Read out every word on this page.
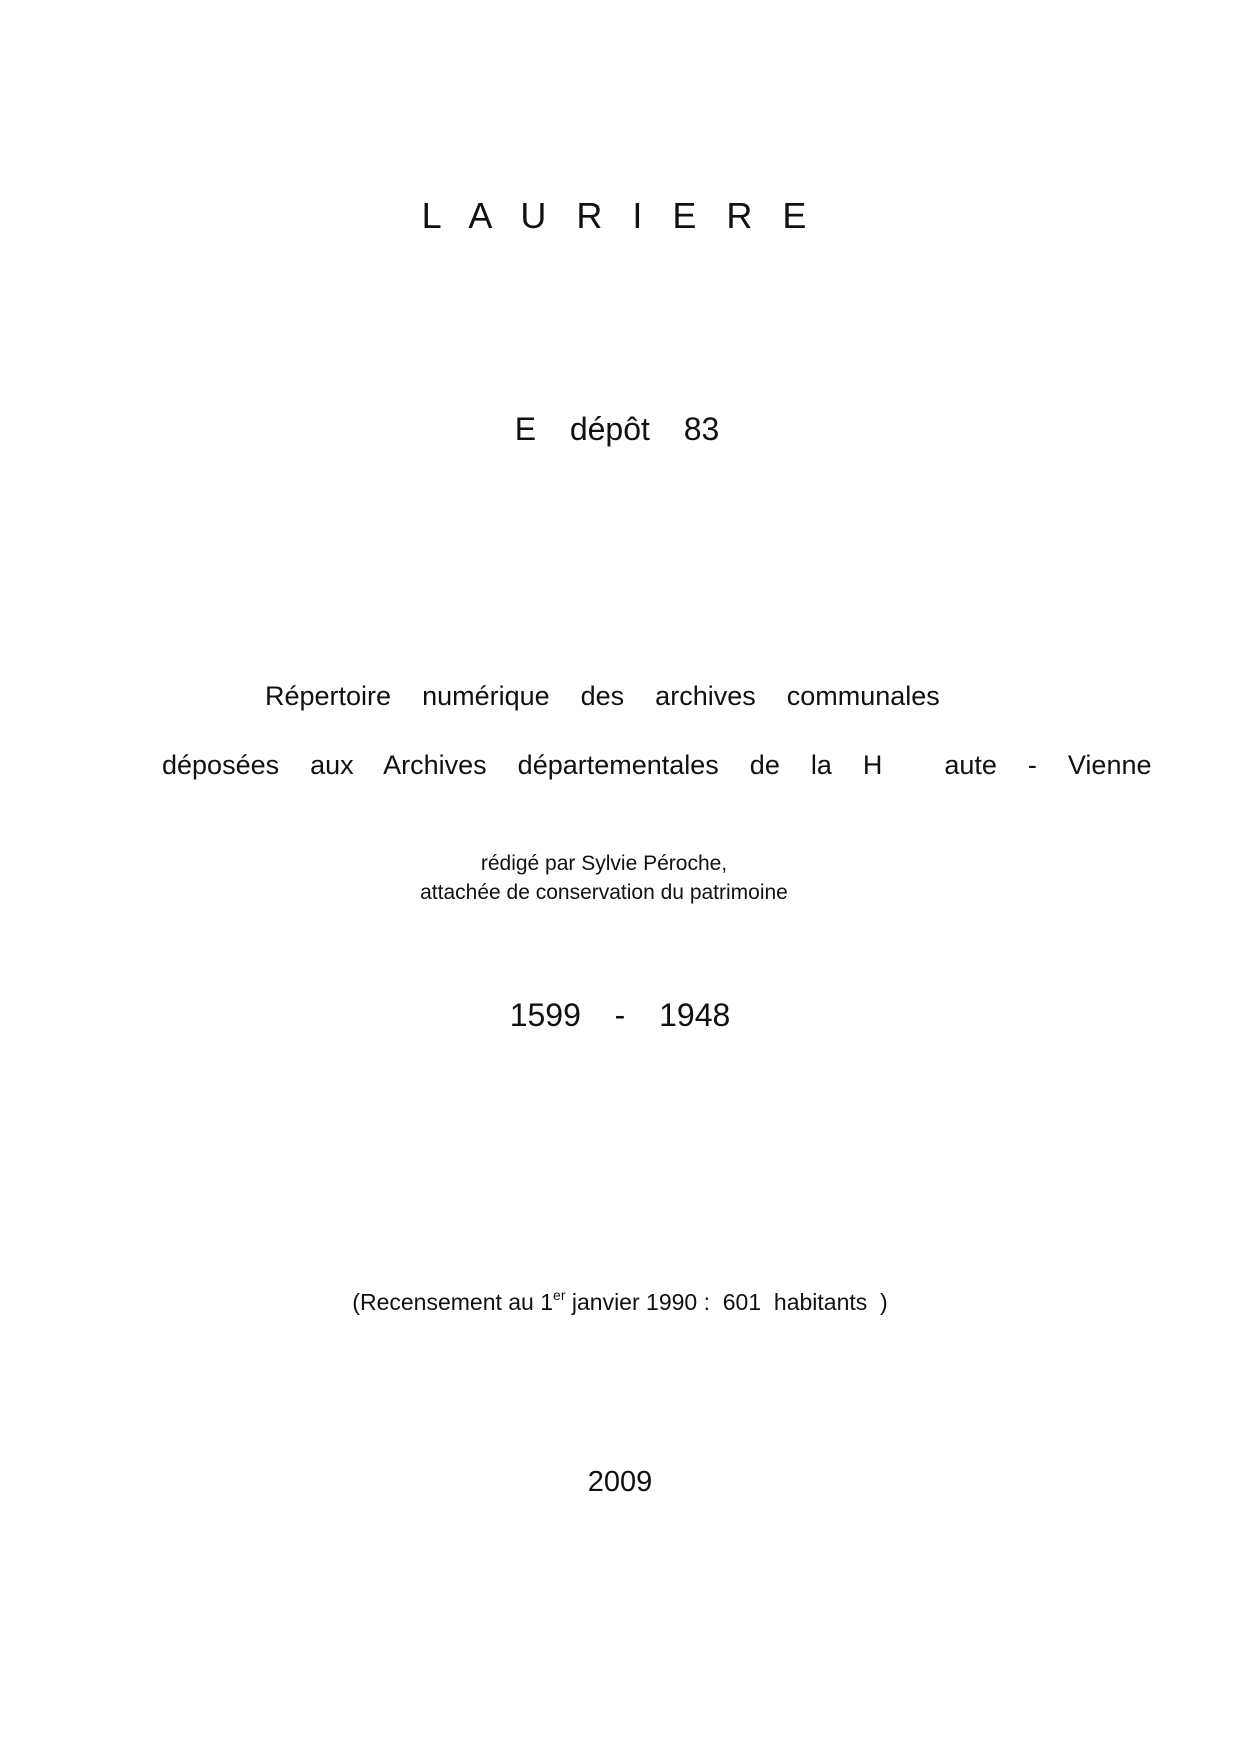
L A U R I E R E
E  dépôt  83
Répertoire  numérique  des  archives  communales
déposées  aux  Archives  départementales  de  la  H    aute  -  Vienne
rédigé par Sylvie Péroche,
attachée de conservation du patrimoine
1599  -  1948
(Recensement au 1er janvier 1990 :  601  habitants  )
2009
